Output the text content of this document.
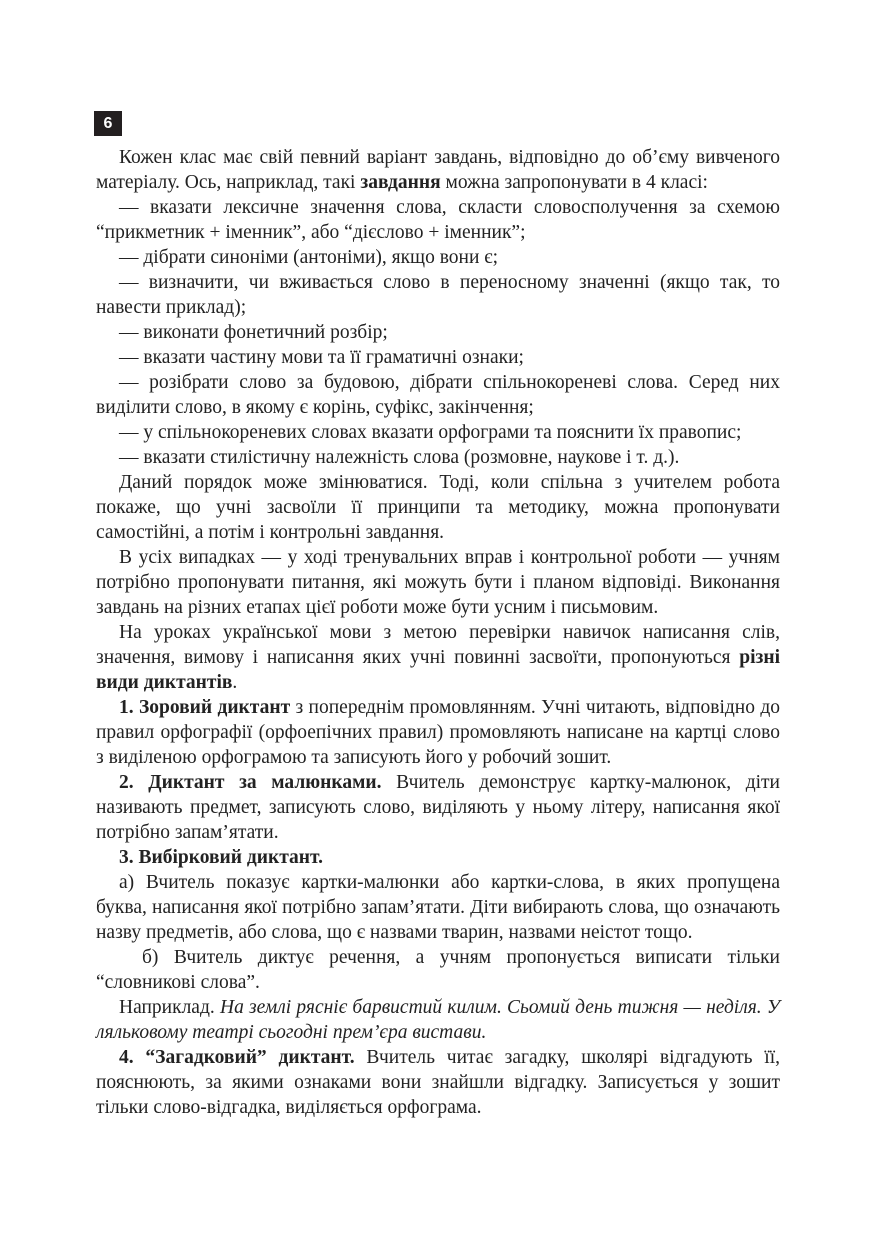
6

Кожен клас має свій певний варіант завдань, відповідно до об’єму вивченого матеріалу. Ось, наприклад, такі завдання можна запропонувати в 4 класі:

— вказати лексичне значення слова, скласти словосполучення за схемою “прикметник + іменник”, або “дієслово + іменник”;

— дібрати синоніми (антоніми), якщо вони є;

— визначити, чи вживається слово в переносному значенні (якщо так, то навести приклад);

— виконати фонетичний розбір;

— вказати частину мови та її граматичні ознаки;

— розібрати слово за будовою, дібрати спільнокореневі слова. Серед них виділити слово, в якому є корінь, суфікс, закінчення;

— у спільнокореневих словах вказати орфограми та пояснити їх правопис;

— вказати стилістичну належність слова (розмовне, наукове і т. д.).

Даний порядок може змінюватися. Тоді, коли спільна з учителем робота покаже, що учні засвоїли її принципи та методику, можна пропонувати самостійні, а потім і контрольні завдання.

В усіх випадках — у ході тренувальних вправ і контрольної роботи — учням потрібно пропонувати питання, які можуть бути і планом відповіді. Виконання завдань на різних етапах цієї роботи може бути усним і письмовим.

На уроках української мови з метою перевірки навичок написання слів, значення, вимову і написання яких учні повинні засвоїти, пропонуються різні види диктантів.

1. Зоровий диктант з попереднім промовлянням. Учні читають, відповідно до правил орфографії (орфоепічних правил) промовляють написане на картці слово з виділеною орфограмою та записують його у робочий зошит.

2. Диктант за малюнками. Вчитель демонструє картку-малюнок, діти називають предмет, записують слово, виділяють у ньому літеру, написання якої потрібно запам’ятати.

3. Вибірковий диктант.

а) Вчитель показує картки-малюнки або картки-слова, в яких пропущена буква, написання якої потрібно запам’ятати. Діти вибирають слова, що означають назву предметів, або слова, що є назвами тварин, назвами неістот тощо.

б) Вчитель диктує речення, а учням пропонується виписати тільки “словникові слова”.

Наприклад. На землі рясніє барвистий килим. Сьомий день тижня — неділя. У ляльковому театрі сьогодні прем’єра вистави.

4. “Загадковий” диктант. Вчитель читає загадку, школярі відгадують її, пояснюють, за якими ознаками вони знайшли відгадку. Записується у зошит тільки слово-відгадка, виділяється орфограма.
